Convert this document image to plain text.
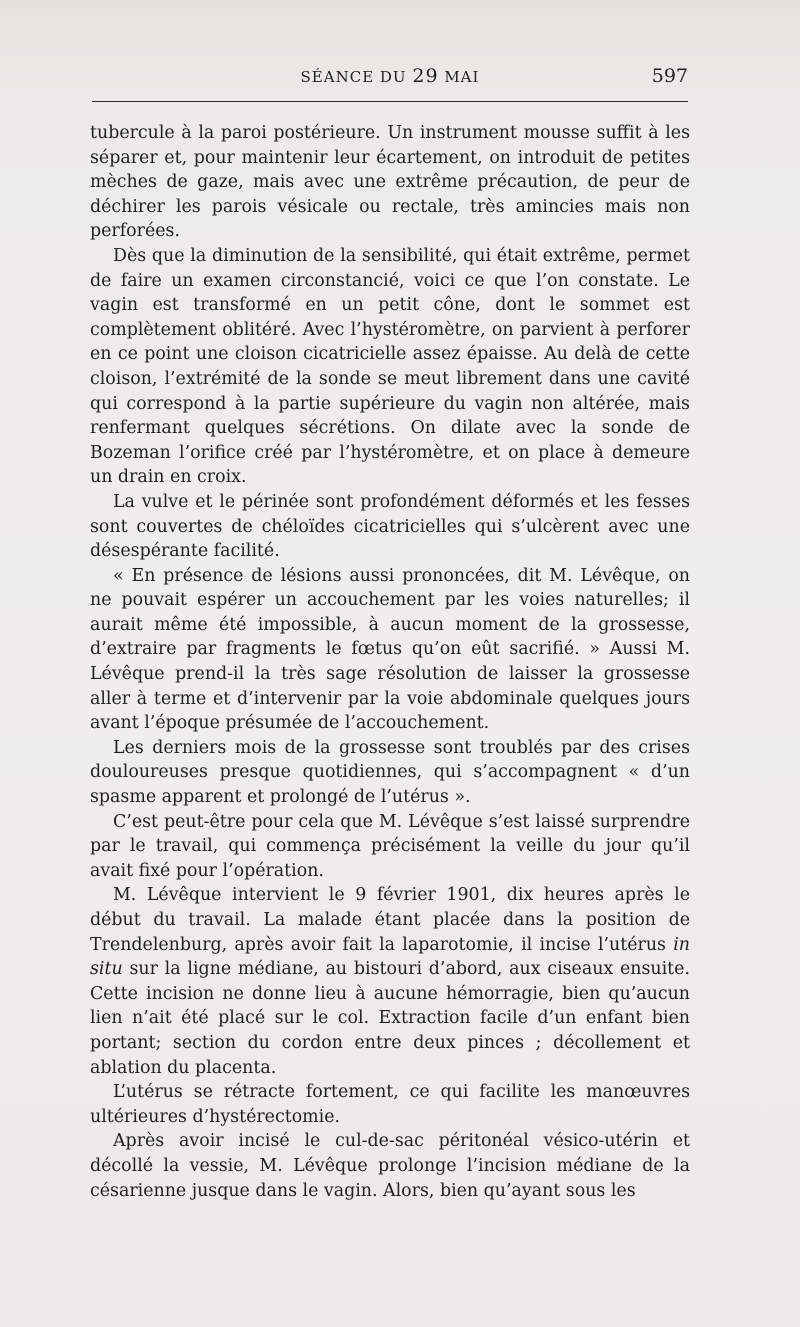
SÉANCE DU 29 MAI	597

tubercule à la paroi postérieure. Un instrument mousse suffit à les séparer et, pour maintenir leur écartement, on introduit de petites mèches de gaze, mais avec une extrême précaution, de peur de déchirer les parois vésicale ou rectale, très amincies mais non perforées.

Dès que la diminution de la sensibilité, qui était extrême, permet de faire un examen circonstancié, voici ce que l’on constate. Le vagin est transformé en un petit cône, dont le sommet est complètement oblitéré. Avec l’hystéromètre, on parvient à perforer en ce point une cloison cicatricielle assez épaisse. Au delà de cette cloison, l’extrémité de la sonde se meut librement dans une cavité qui correspond à la partie supérieure du vagin non altérée, mais renfermant quelques sécrétions. On dilate avec la sonde de Bozeman l’orifice créé par l’hystéromètre, et on place à demeure un drain en croix.

La vulve et le périnée sont profondément déformés et les fesses sont couvertes de chéloïdes cicatricielles qui s’ulcèrent avec une désespérante facilité.

« En présence de lésions aussi prononcées, dit M. Lévêque, on ne pouvait espérer un accouchement par les voies naturelles; il aurait même été impossible, à aucun moment de la grossesse, d’extraire par fragments le fœtus qu’on eût sacrifié. » Aussi M. Lévêque prend-il la très sage résolution de laisser la grossesse aller à terme et d’intervenir par la voie abdominale quelques jours avant l’époque présumée de l’accouchement.

Les derniers mois de la grossesse sont troublés par des crises douloureuses presque quotidiennes, qui s’accompagnent « d’un spasme apparent et prolongé de l’utérus ».

C’est peut-être pour cela que M. Lévêque s’est laissé surprendre par le travail, qui commença précisément la veille du jour qu’il avait fixé pour l’opération.

M. Lévêque intervient le 9 février 1901, dix heures après le début du travail. La malade étant placée dans la position de Trendelenburg, après avoir fait la laparotomie, il incise l’utérus in situ sur la ligne médiane, au bistouri d’abord, aux ciseaux ensuite. Cette incision ne donne lieu à aucune hémorragie, bien qu’aucun lien n’ait été placé sur le col. Extraction facile d’un enfant bien portant; section du cordon entre deux pinces ; décollement et ablation du placenta.

L’utérus se rétracte fortement, ce qui facilite les manœuvres ultérieures d’hystérectomie.

Après avoir incisé le cul-de-sac péritonéal vésico-utérin et décollé la vessie, M. Lévêque prolonge l’incision médiane de la césarienne jusque dans le vagin. Alors, bien qu’ayant sous les
